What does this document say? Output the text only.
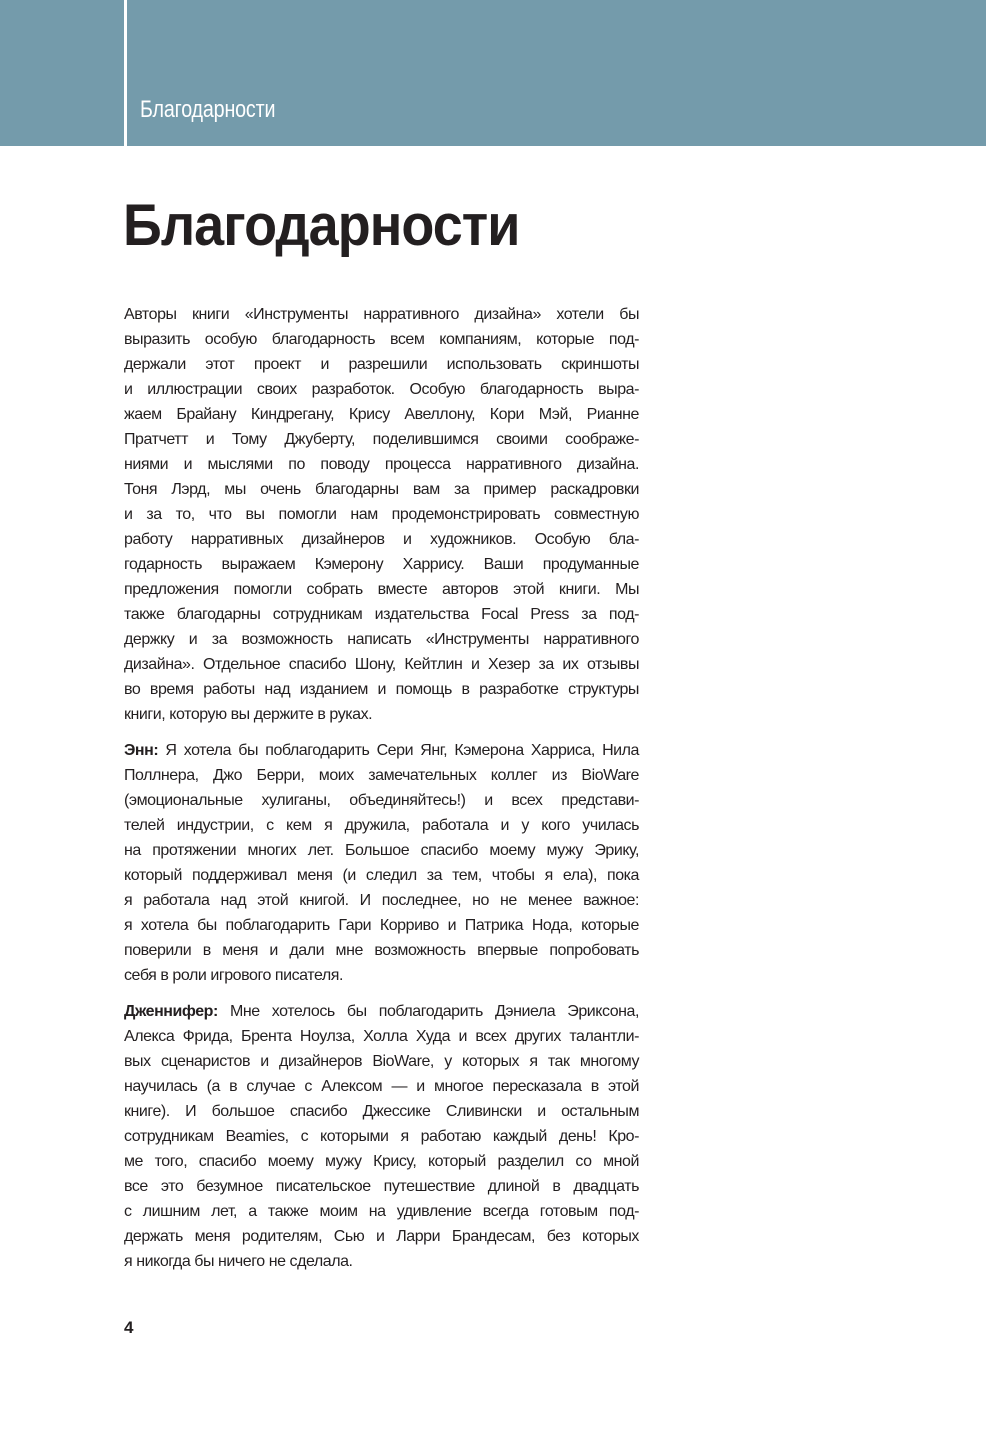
Благодарности
Благодарности
Авторы книги «Инструменты нарративного дизайна» хотели бы
выразить особую благодарность всем компаниям, которые под-
держали этот проект и разрешили использовать скриншоты
и иллюстрации своих разработок. Особую благодарность выра-
жаем Брайану Киндрегану, Крису Авеллону, Кори Мэй, Рианне
Пратчетт и Тому Джуберту, поделившимся своими соображе-
ниями и мыслями по поводу процесса нарративного дизайна.
Тоня Лэрд, мы очень благодарны вам за пример раскадровки
и за то, что вы помогли нам продемонстрировать совместную
работу нарративных дизайнеров и художников. Особую бла-
годарность выражаем Кэмерону Харрису. Ваши продуманные
предложения помогли собрать вместе авторов этой книги. Мы
также благодарны сотрудникам издательства Focal Press за под-
держку и за возможность написать «Инструменты нарративного
дизайна». Отдельное спасибо Шону, Кейтлин и Хезер за их отзывы
во время работы над изданием и помощь в разработке структуры
книги, которую вы держите в руках.
Энн: Я хотела бы поблагодарить Сери Янг, Кэмерона Харриса, Нила
Поллнера, Джо Берри, моих замечательных коллег из BioWare
(эмоциональные хулиганы, объединяйтесь!) и всех представи-
телей индустрии, с кем я дружила, работала и у кого училась
на протяжении многих лет. Большое спасибо моему мужу Эрику,
который поддерживал меня (и следил за тем, чтобы я ела), пока
я работала над этой книгой. И последнее, но не менее важное:
я хотела бы поблагодарить Гари Корриво и Патрика Нода, которые
поверили в меня и дали мне возможность впервые попробовать
себя в роли игрового писателя.
Дженнифер: Мне хотелось бы поблагодарить Дэниела Эриксона,
Алекса Фрида, Брента Ноулза, Холла Худа и всех других талантли-
вых сценаристов и дизайнеров BioWare, у которых я так многому
научилась (а в случае с Алексом — и многое пересказала в этой
книге). И большое спасибо Джессике Сливински и остальным
сотрудникам Beamies, с которыми я работаю каждый день! Кро-
ме того, спасибо моему мужу Крису, который разделил со мной
все это безумное писательское путешествие длиной в двадцать
с лишним лет, а также моим на удивление всегда готовым под-
держать меня родителям, Сью и Ларри Брандесам, без которых
я никогда бы ничего не сделала.
4
